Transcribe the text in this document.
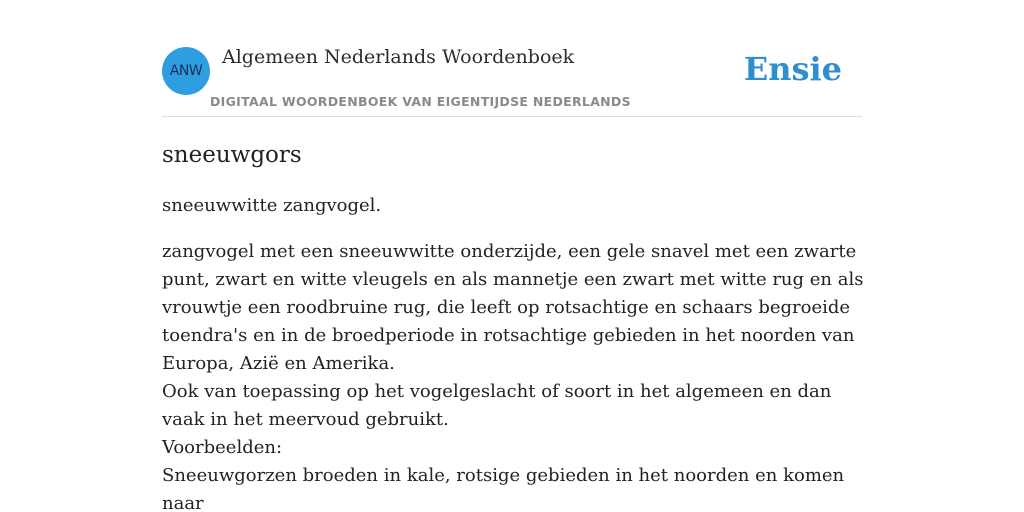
ANW
Algemeen Nederlands Woordenboek
DIGITAAL WOORDENBOEK VAN EIGENTIJDSE NEDERLANDS
Ensie
sneeuwgors

sneeuwwitte zangvogel.

zangvogel met een sneeuwwitte onderzijde, een gele snavel met een zwarte punt, zwart en witte vleugels en als mannetje een zwart met witte rug en als vrouwtje een roodbruine rug, die leeft op rotsachtige en schaars begroeide toendra's en in de broedperiode in rotsachtige gebieden in het noorden van Europa, Azië en Amerika.

Ook van toepassing op het vogelgeslacht of soort in het algemeen en dan vaak in het meervoud gebruikt.

Voorbeelden:

Sneeuwgorzen broeden in kale, rotsige gebieden in het noorden en komen naar
